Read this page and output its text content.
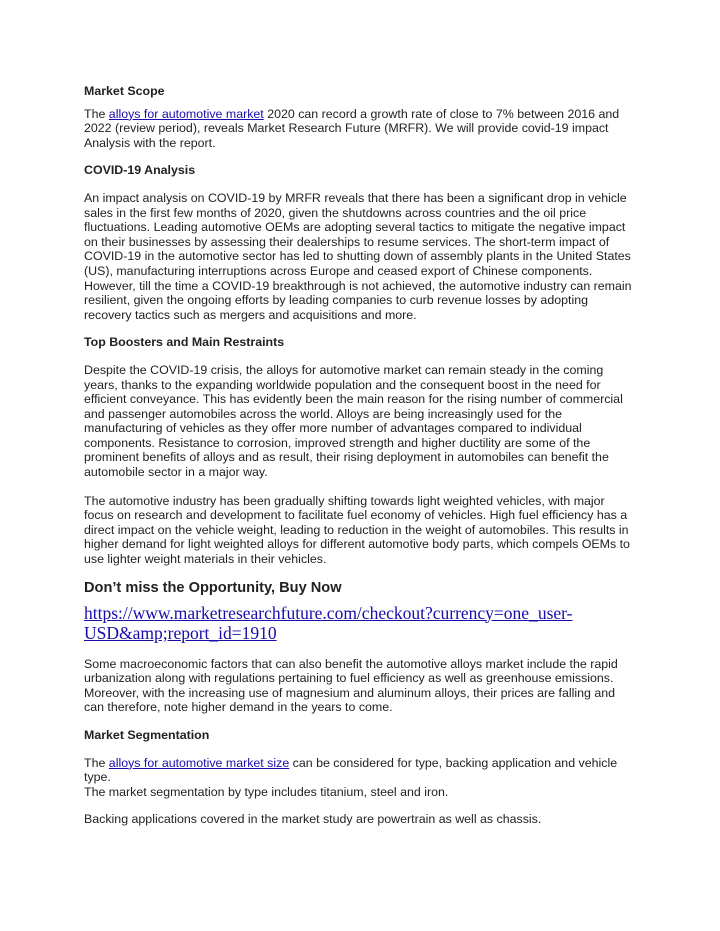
Market Scope

The alloys for automotive market 2020 can record a growth rate of close to 7% between 2016 and 2022 (review period), reveals Market Research Future (MRFR). We will provide covid-19 impact Analysis with the report.

COVID-19 Analysis

An impact analysis on COVID-19 by MRFR reveals that there has been a significant drop in vehicle sales in the first few months of 2020, given the shutdowns across countries and the oil price fluctuations. Leading automotive OEMs are adopting several tactics to mitigate the negative impact on their businesses by assessing their dealerships to resume services. The short-term impact of COVID-19 in the automotive sector has led to shutting down of assembly plants in the United States (US), manufacturing interruptions across Europe and ceased export of Chinese components. However, till the time a COVID-19 breakthrough is not achieved, the automotive industry can remain resilient, given the ongoing efforts by leading companies to curb revenue losses by adopting recovery tactics such as mergers and acquisitions and more.

Top Boosters and Main Restraints

Despite the COVID-19 crisis, the alloys for automotive market can remain steady in the coming years, thanks to the expanding worldwide population and the consequent boost in the need for efficient conveyance. This has evidently been the main reason for the rising number of commercial and passenger automobiles across the world. Alloys are being increasingly used for the manufacturing of vehicles as they offer more number of advantages compared to individual components. Resistance to corrosion, improved strength and higher ductility are some of the prominent benefits of alloys and as result, their rising deployment in automobiles can benefit the automobile sector in a major way.

The automotive industry has been gradually shifting towards light weighted vehicles, with major focus on research and development to facilitate fuel economy of vehicles. High fuel efficiency has a direct impact on the vehicle weight, leading to reduction in the weight of automobiles. This results in higher demand for light weighted alloys for different automotive body parts, which compels OEMs to use lighter weight materials in their vehicles.

Don’t miss the Opportunity, Buy Now

https://www.marketresearchfuture.com/checkout?currency=one_user-USD&amp;report_id=1910

Some macroeconomic factors that can also benefit the automotive alloys market include the rapid urbanization along with regulations pertaining to fuel efficiency as well as greenhouse emissions. Moreover, with the increasing use of magnesium and aluminum alloys, their prices are falling and can therefore, note higher demand in the years to come.

Market Segmentation

The alloys for automotive market size can be considered for type, backing application and vehicle type.

The market segmentation by type includes titanium, steel and iron.

Backing applications covered in the market study are powertrain as well as chassis.
